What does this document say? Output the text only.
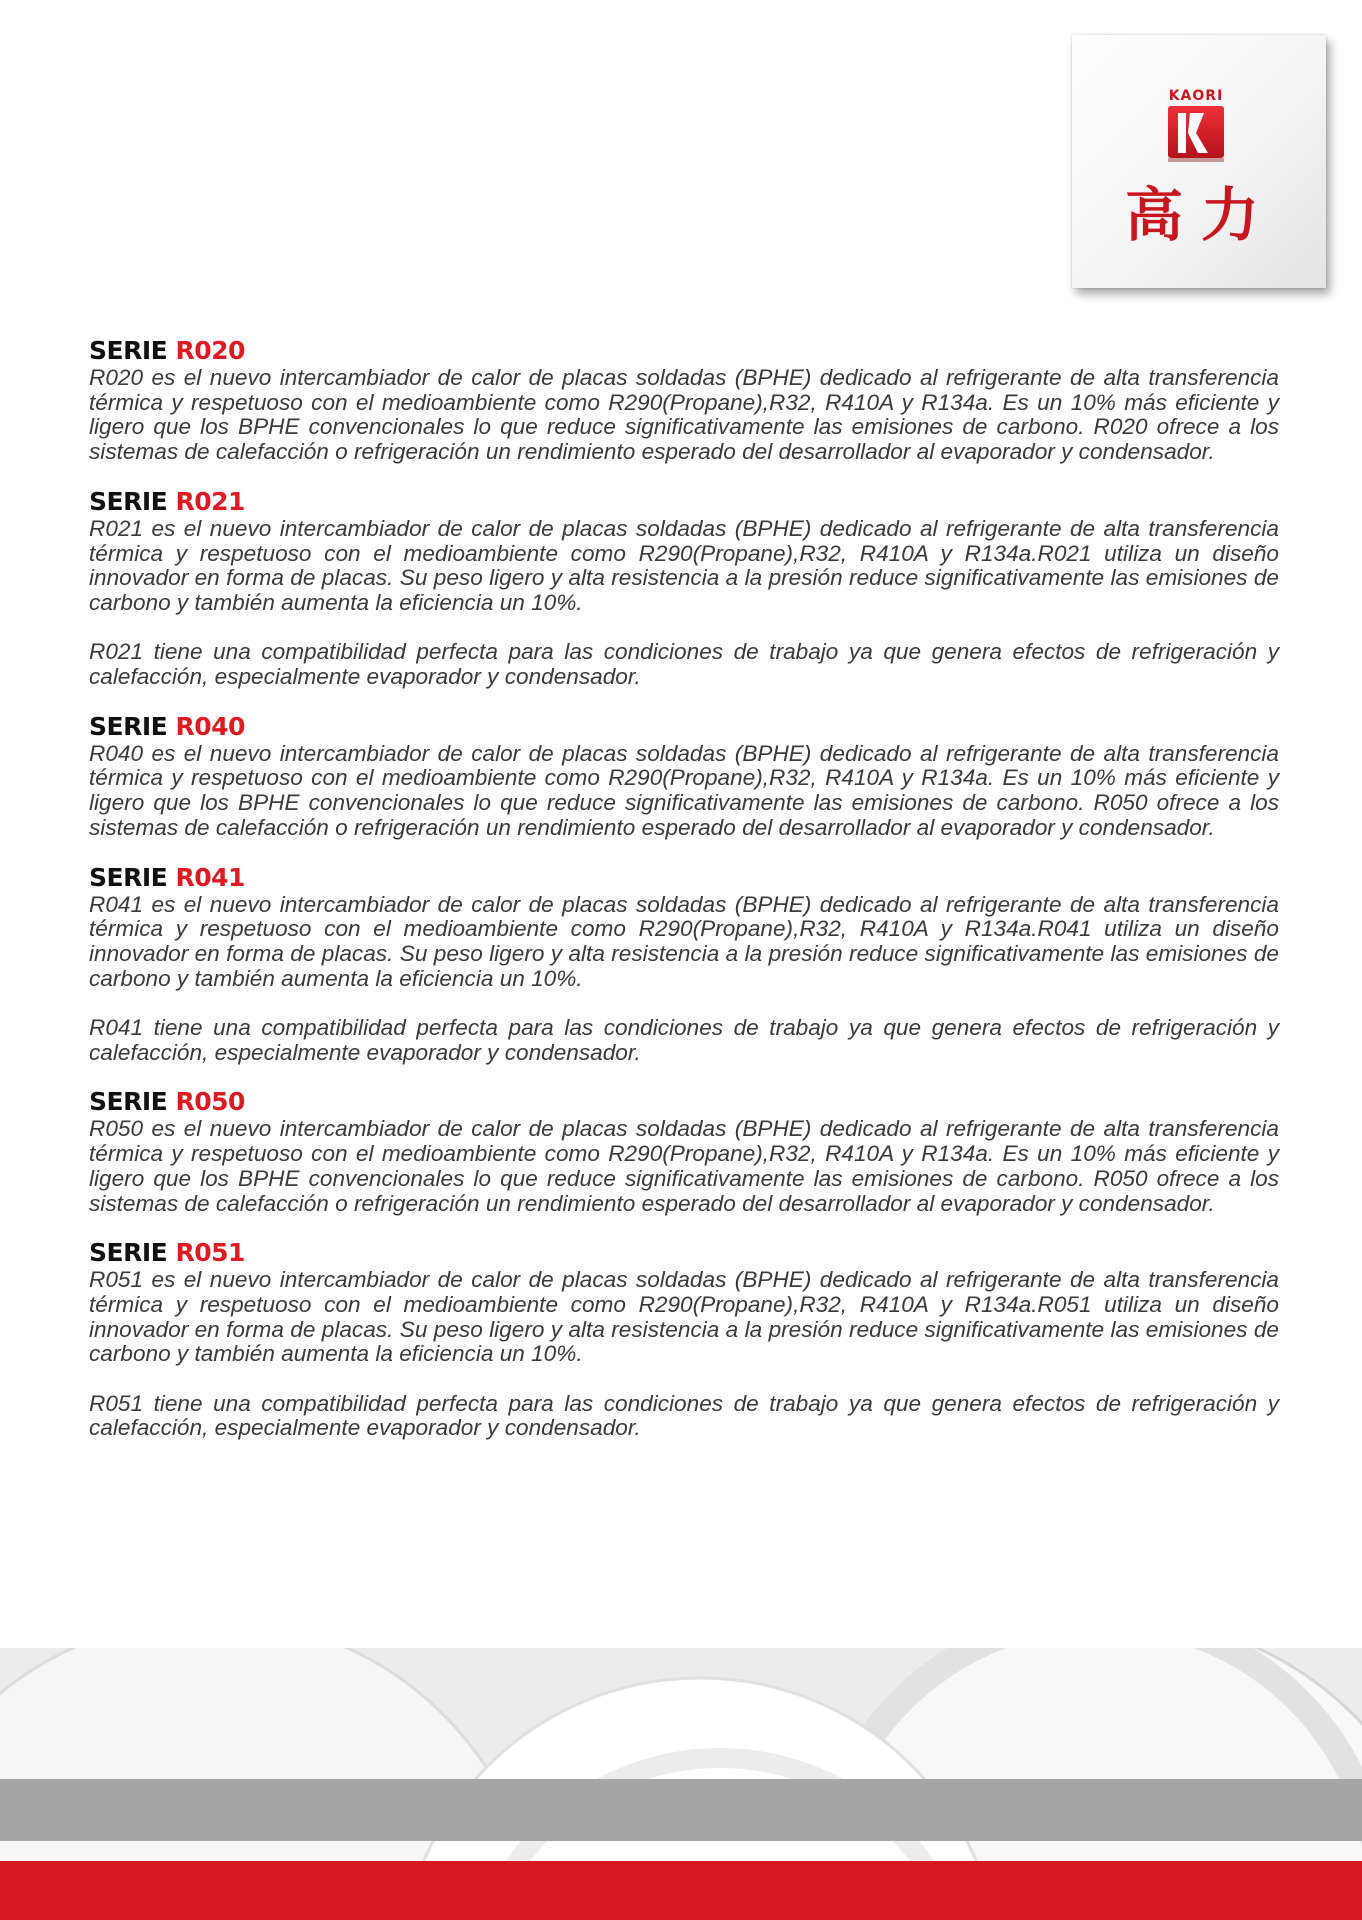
KAORI
高力
SERIE R020

R020 es el nuevo intercambiador de calor de placas soldadas (BPHE) dedicado al refrigerante de alta transferencia térmica y respetuoso con el medioambiente como R290(Propane),R32, R410A y R134a. Es un 10% más eficiente y ligero que los BPHE convencionales lo que reduce significativamente las emisiones de carbono. R020 ofrece a los sistemas de calefacción o refrigeración un rendimiento esperado del desarrollador al evaporador y condensador.

SERIE R021

R021 es el nuevo intercambiador de calor de placas soldadas (BPHE) dedicado al refrigerante de alta transferencia térmica y respetuoso con el medioambiente como R290(Propane),R32, R410A y R134a.R021 utiliza un diseño innovador en forma de placas. Su peso ligero y alta resistencia a la presión reduce significativamente las emisiones de carbono y también aumenta la eficiencia un 10%.

R021 tiene una compatibilidad perfecta para las condiciones de trabajo ya que genera efectos de refrigeración y calefacción, especialmente evaporador y condensador.

SERIE R040

R040 es el nuevo intercambiador de calor de placas soldadas (BPHE) dedicado al refrigerante de alta transferencia térmica y respetuoso con el medioambiente como R290(Propane),R32, R410A y R134a. Es un 10% más eficiente y ligero que los BPHE convencionales lo que reduce significativamente las emisiones de carbono. R050 ofrece a los sistemas de calefacción o refrigeración un rendimiento esperado del desarrollador al evaporador y condensador.

SERIE R041

R041 es el nuevo intercambiador de calor de placas soldadas (BPHE) dedicado al refrigerante de alta transferencia térmica y respetuoso con el medioambiente como R290(Propane),R32, R410A y R134a.R041 utiliza un diseño innovador en forma de placas. Su peso ligero y alta resistencia a la presión reduce significativamente las emisiones de carbono y también aumenta la eficiencia un 10%.

R041 tiene una compatibilidad perfecta para las condiciones de trabajo ya que genera efectos de refrigeración y calefacción, especialmente evaporador y condensador.

SERIE R050

R050 es el nuevo intercambiador de calor de placas soldadas (BPHE) dedicado al refrigerante de alta transferencia térmica y respetuoso con el medioambiente como R290(Propane),R32, R410A y R134a. Es un 10% más eficiente y ligero que los BPHE convencionales lo que reduce significativamente las emisiones de carbono. R050 ofrece a los sistemas de calefacción o refrigeración un rendimiento esperado del desarrollador al evaporador y condensador.

SERIE R051

R051 es el nuevo intercambiador de calor de placas soldadas (BPHE) dedicado al refrigerante de alta transferencia térmica y respetuoso con el medioambiente como R290(Propane),R32, R410A y R134a.R051 utiliza un diseño innovador en forma de placas. Su peso ligero y alta resistencia a la presión reduce significativamente las emisiones de carbono y también aumenta la eficiencia un 10%.

R051 tiene una compatibilidad perfecta para las condiciones de trabajo ya que genera efectos de refrigeración y calefacción, especialmente evaporador y condensador.
